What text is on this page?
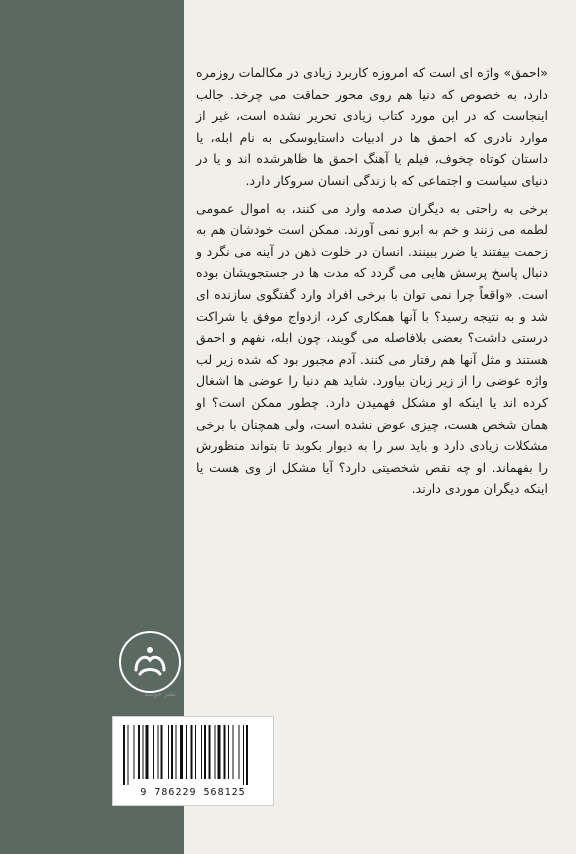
«احمق» واژه ای است که امروزه کاربرد زیادی در مکالمات روزمره دارد، به خصوص که دنیا هم روی محور حماقت می چرخد. جالب اینجاست که در این مورد کتاب زیادی تحریر نشده است، غیر از موارد نادری که احمق ها در ادبیات داستایوسکی به نام ابله، یا داستان کوتاه چخوف، فیلم یا آهنگ احمق ها ظاهرشده اند و یا در دنیای سیاست و اجتماعی که با زندگی انسان سروکار دارد.

برخی به راحتی به دیگران صدمه وارد می کنند، به اموال عمومی لطمه می زنند و خم به ابرو نمی آورند. ممکن است خودشان هم به زحمت بیفتند یا ضرر ببینند. انسان در خلوت ذهن در آینه می نگرد و دنبال پاسخ پرسش هایی می گردد که مدت ها در جستجویشان بوده است. «واقعاً چرا نمی توان با برخی افراد وارد گفتگوی سازنده ای شد و به نتیجه رسید؟ با آنها همکاری کرد، ازدواج موفق یا شراکت درستی داشت؟ بعضی بلافاصله می گویند، چون ابله، نفهم و احمق هستند و مثل آنها هم رفتار می کنند. آدم مجبور بود که شده زیر لب واژه عوضی را از زیر زبان بیاورد. شاید هم دنیا را عوضی ها اشغال کرده اند یا اینکه او مشکل فهمیدن دارد. چطور ممکن است؟ او همان شخص هست، چیزی عوض نشده است، ولی همچنان با برخی مشکلات زیادی دارد و باید سر را به دیوار بکوبد تا بتواند منظورش را بفهماند. او چه نقص شخصیتی دارد؟ آیا مشکل از وی هست یا اینکه دیگران موردی دارند.

نشر خوسد
9 786229 568125
